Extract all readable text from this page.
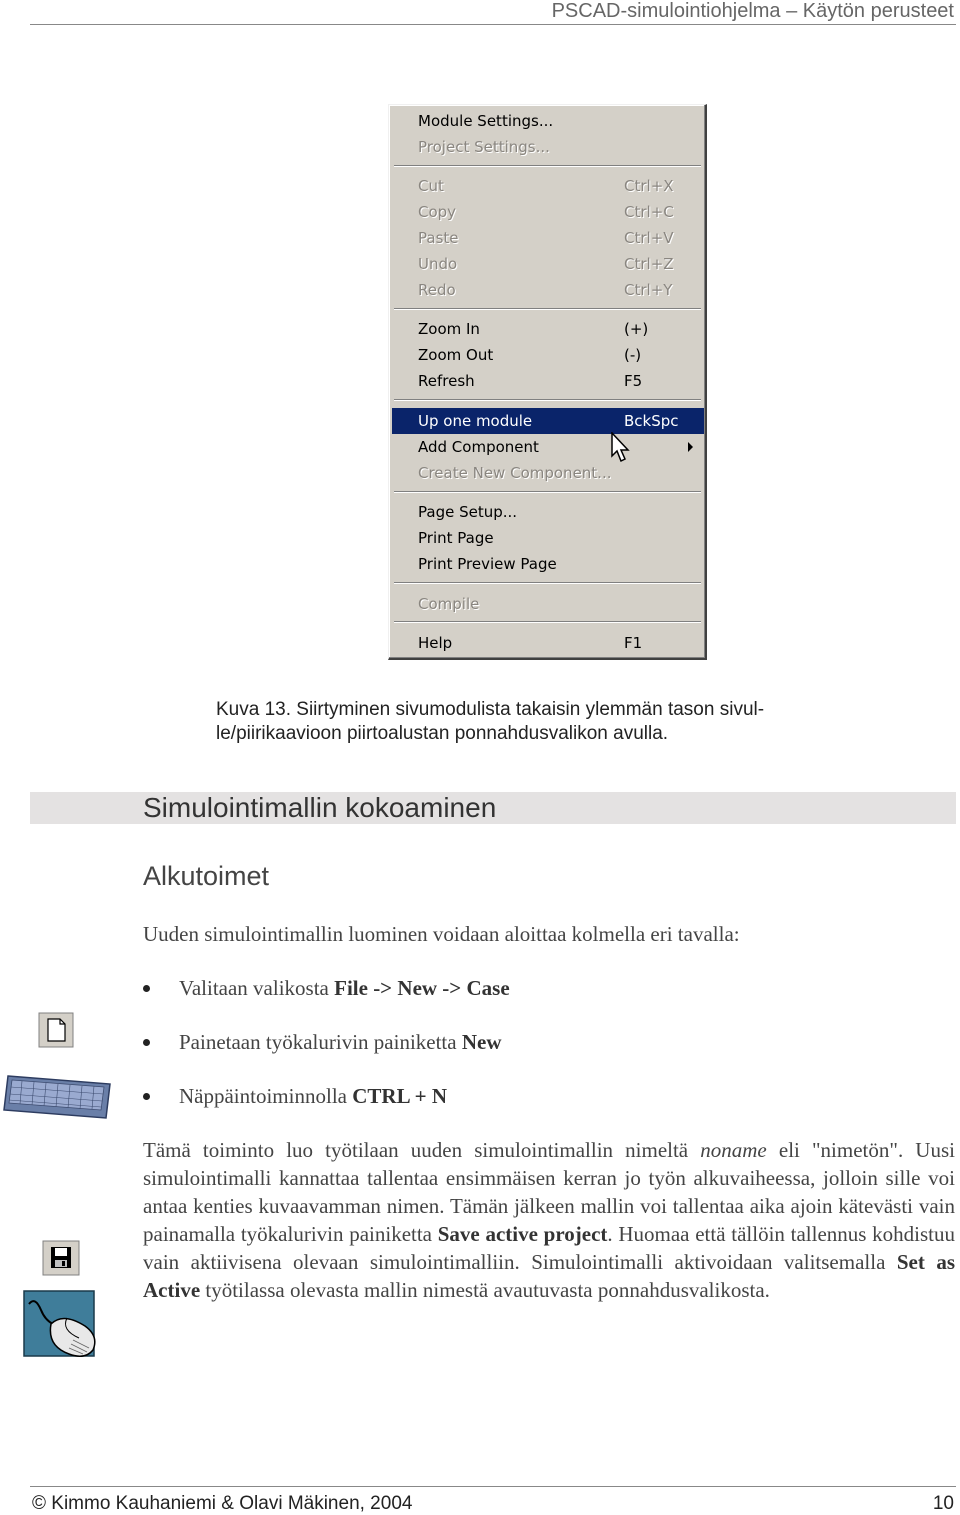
PSCAD-simulointiohjelma – Käytön perusteet
Module Settings...
Project Settings...
Cut	Ctrl+X
Copy	Ctrl+C
Paste	Ctrl+V
Undo	Ctrl+Z
Redo	Ctrl+Y
Zoom In	(+)
Zoom Out	(-)
Refresh	F5
Up one module	BckSpc
Add Component
Create New Component...
Page Setup...
Print Page
Print Preview Page
Compile
Help	F1
Kuva 13. Siirtyminen sivumodulista takaisin ylemmän tason sivul-
le/piirikaavioon piirtoalustan ponnahdusvalikon avulla.
Simulointimallin kokoaminen
Alkutoimet
Uuden simulointimallin luominen voidaan aloittaa kolmella eri tavalla:
Valitaan valikosta File -> New -> Case
Painetaan työkalurivin painiketta New
Näppäintoiminnolla CTRL + N

Tämä toiminto luo työtilaan uuden simulointimallin nimeltä noname eli "nimetön". Uusi simulointimalli kannattaa tallentaa ensimmäisen kerran jo työn alkuvaiheessa, jolloin sille voi antaa kenties kuvaavamman nimen. Tämän jälkeen mallin voi tallentaa aika ajoin kätevästi vain painamalla työkalurivin painiketta Save active project. Huomaa että tällöin tallennus kohdistuu vain aktiivisena olevaan simulointimalliin. Simulointimalli aktivoidaan valitsemalla Set as Active työtilassa olevasta mallin nimestä avautuvasta ponnahdusvalikosta.

© Kimmo Kauhaniemi & Olavi Mäkinen, 2004	10
